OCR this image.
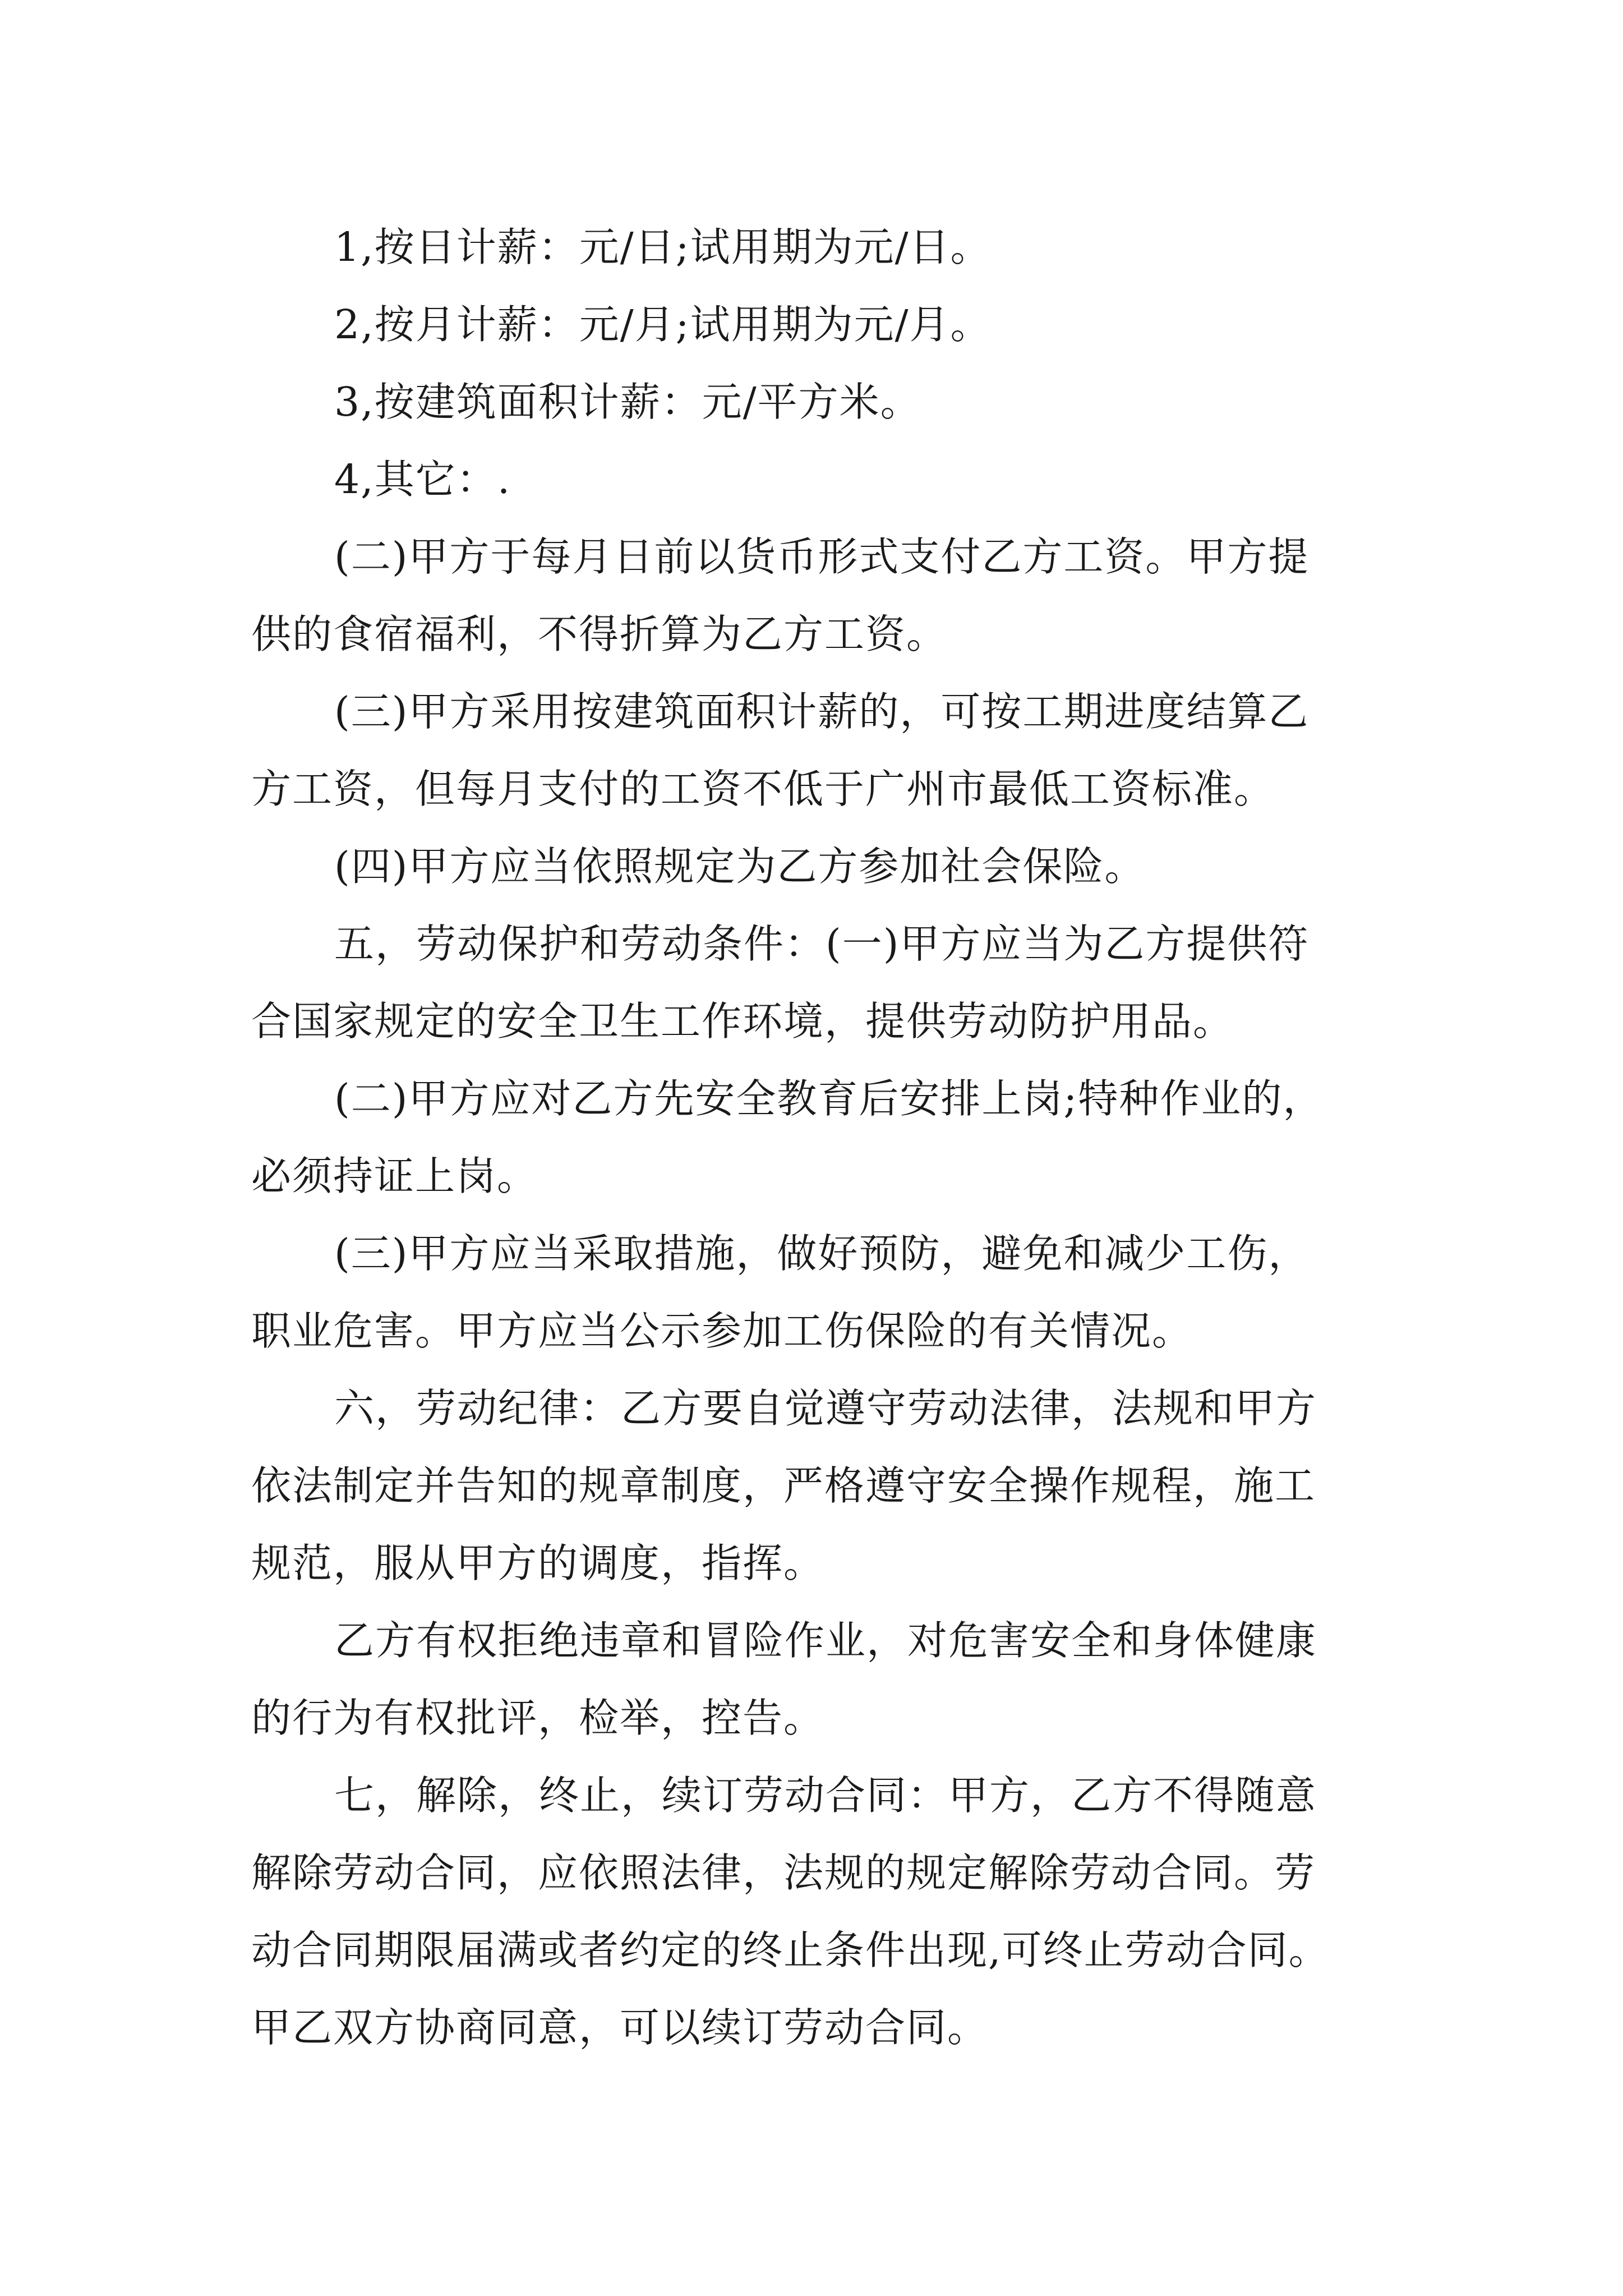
1,按日计薪：元/日;试用期为元/日。
2,按月计薪：元/月;试用期为元/月。
3,按建筑面积计薪：元/平方米。
4,其它：.
(二)甲方于每月日前以货币形式支付乙方工资。甲方提
供的食宿福利，不得折算为乙方工资。
(三)甲方采用按建筑面积计薪的，可按工期进度结算乙
方工资，但每月支付的工资不低于广州市最低工资标准。
(四)甲方应当依照规定为乙方参加社会保险。
五，劳动保护和劳动条件：(一)甲方应当为乙方提供符
合国家规定的安全卫生工作环境，提供劳动防护用品。
(二)甲方应对乙方先安全教育后安排上岗;特种作业的，
必须持证上岗。
(三)甲方应当采取措施，做好预防，避免和减少工伤，
职业危害。甲方应当公示参加工伤保险的有关情况。
六，劳动纪律：乙方要自觉遵守劳动法律，法规和甲方
依法制定并告知的规章制度，严格遵守安全操作规程，施工
规范，服从甲方的调度，指挥。
乙方有权拒绝违章和冒险作业，对危害安全和身体健康
的行为有权批评，检举，控告。
七，解除，终止，续订劳动合同：甲方，乙方不得随意
解除劳动合同，应依照法律，法规的规定解除劳动合同。劳
动合同期限届满或者约定的终止条件出现,可终止劳动合同。
甲乙双方协商同意，可以续订劳动合同。
